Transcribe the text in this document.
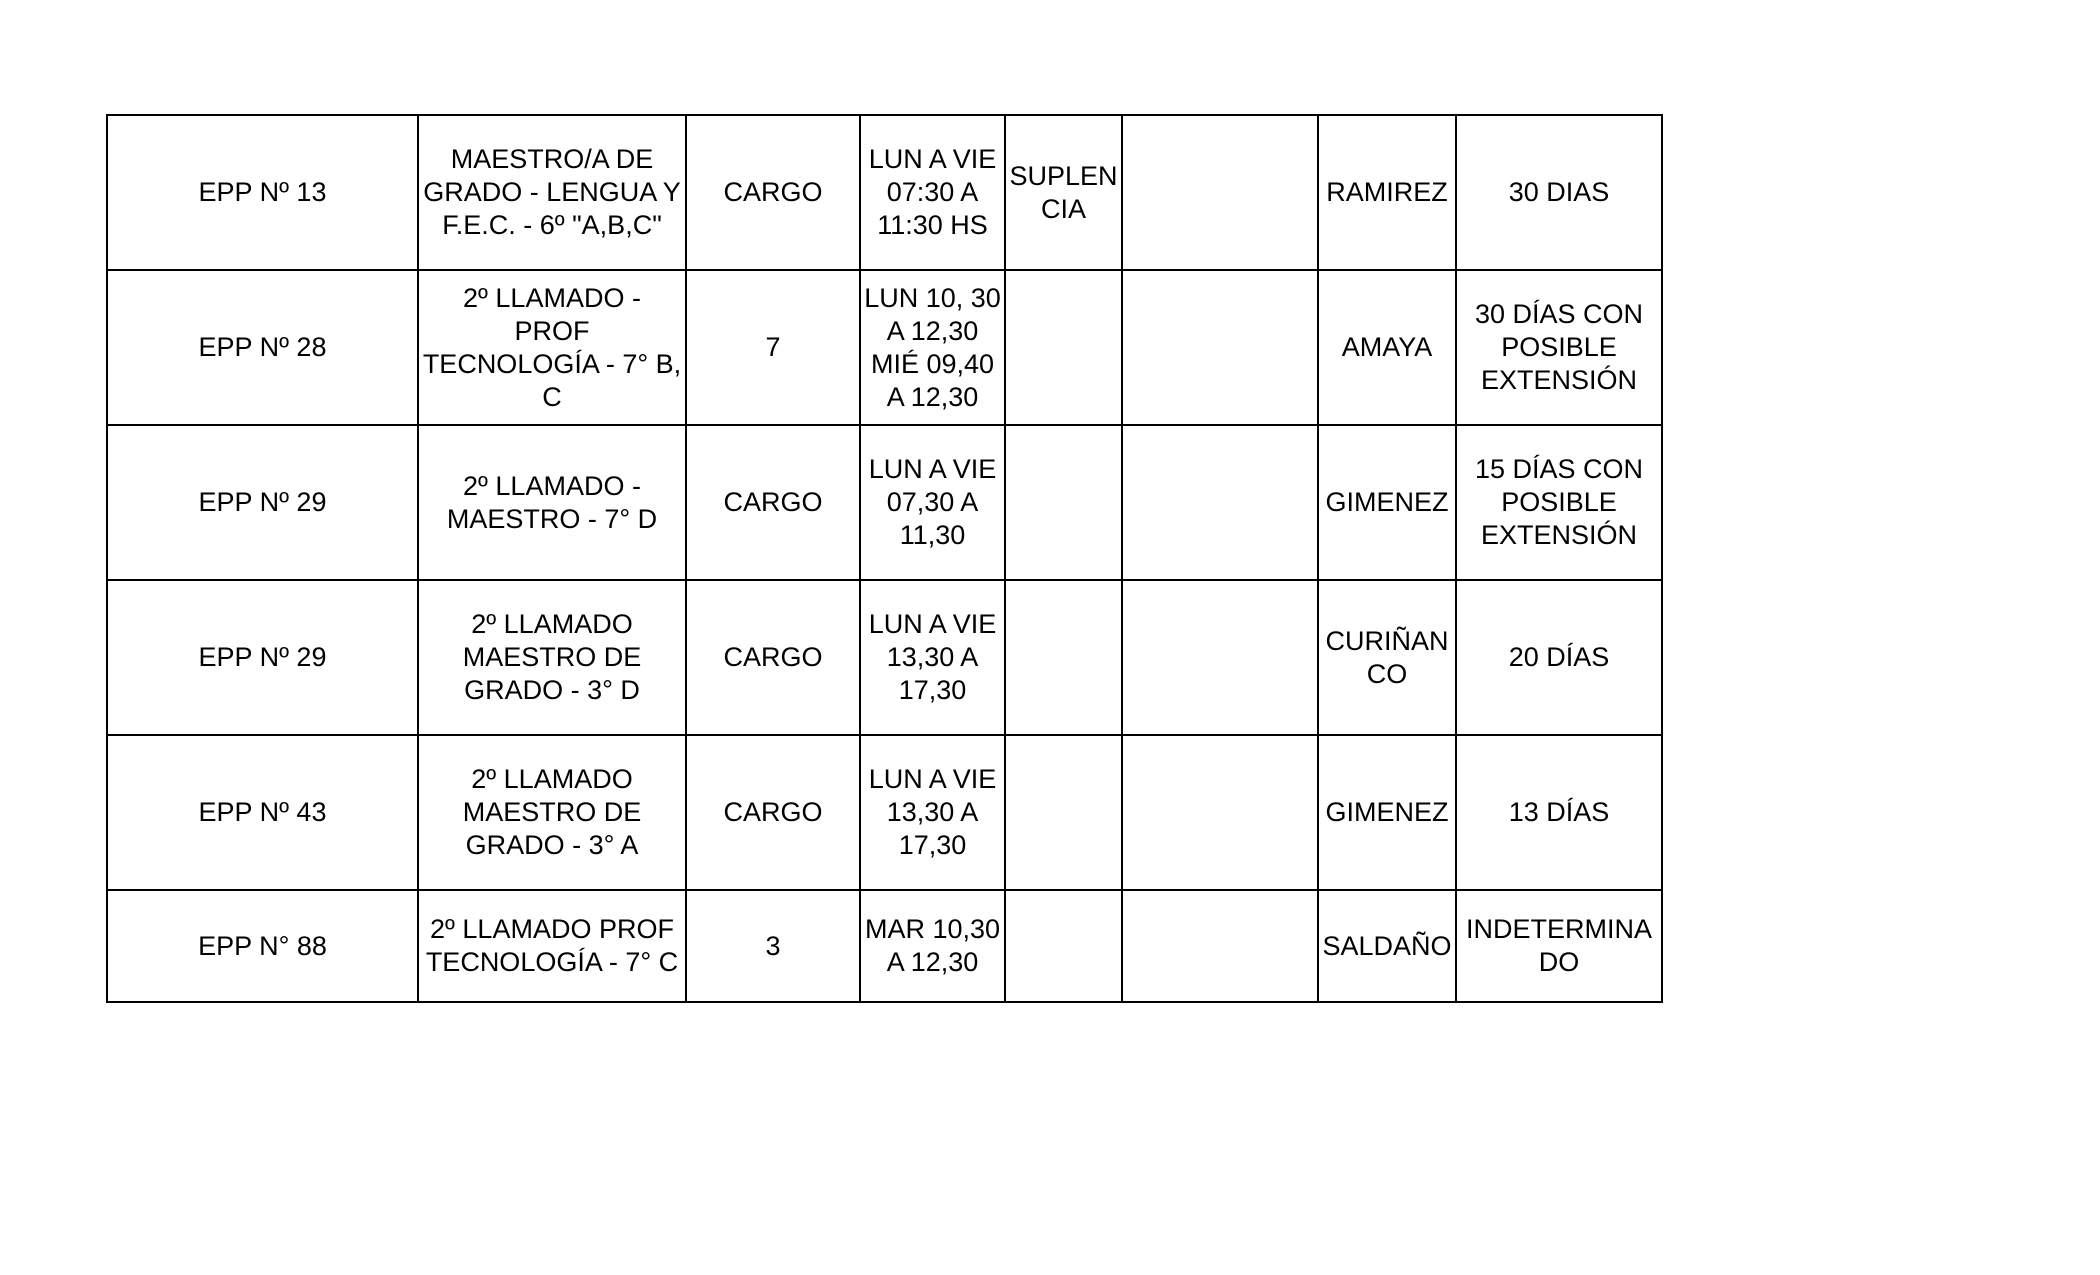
EPP Nº 13	MAESTRO/A DE
GRADO - LENGUA Y
F.E.C. - 6º "A,B,C"	CARGO	LUN A VIE
07:30 A
11:30 HS	SUPLEN
CIA		RAMIREZ	30 DIAS
EPP Nº 28	2º LLAMADO - PROF
TECNOLOGÍA - 7° B,
C	7	LUN 10, 30
A 12,30
MIÉ 09,40
A 12,30			AMAYA	30 DÍAS CON
POSIBLE
EXTENSIÓN
EPP Nº 29	2º LLAMADO -
MAESTRO - 7° D	CARGO	LUN A VIE
07,30 A
11,30			GIMENEZ	15 DÍAS CON
POSIBLE
EXTENSIÓN
EPP Nº 29	2º LLAMADO
MAESTRO DE
GRADO - 3° D	CARGO	LUN A VIE
13,30 A
17,30			CURIÑAN
CO	20 DÍAS
EPP Nº 43	2º LLAMADO
MAESTRO DE
GRADO - 3° A	CARGO	LUN A VIE
13,30 A
17,30			GIMENEZ	13 DÍAS
EPP N° 88	2º LLAMADO PROF
TECNOLOGÍA - 7° C	3	MAR 10,30
A 12,30			SALDAÑO	INDETERMINA
DO
